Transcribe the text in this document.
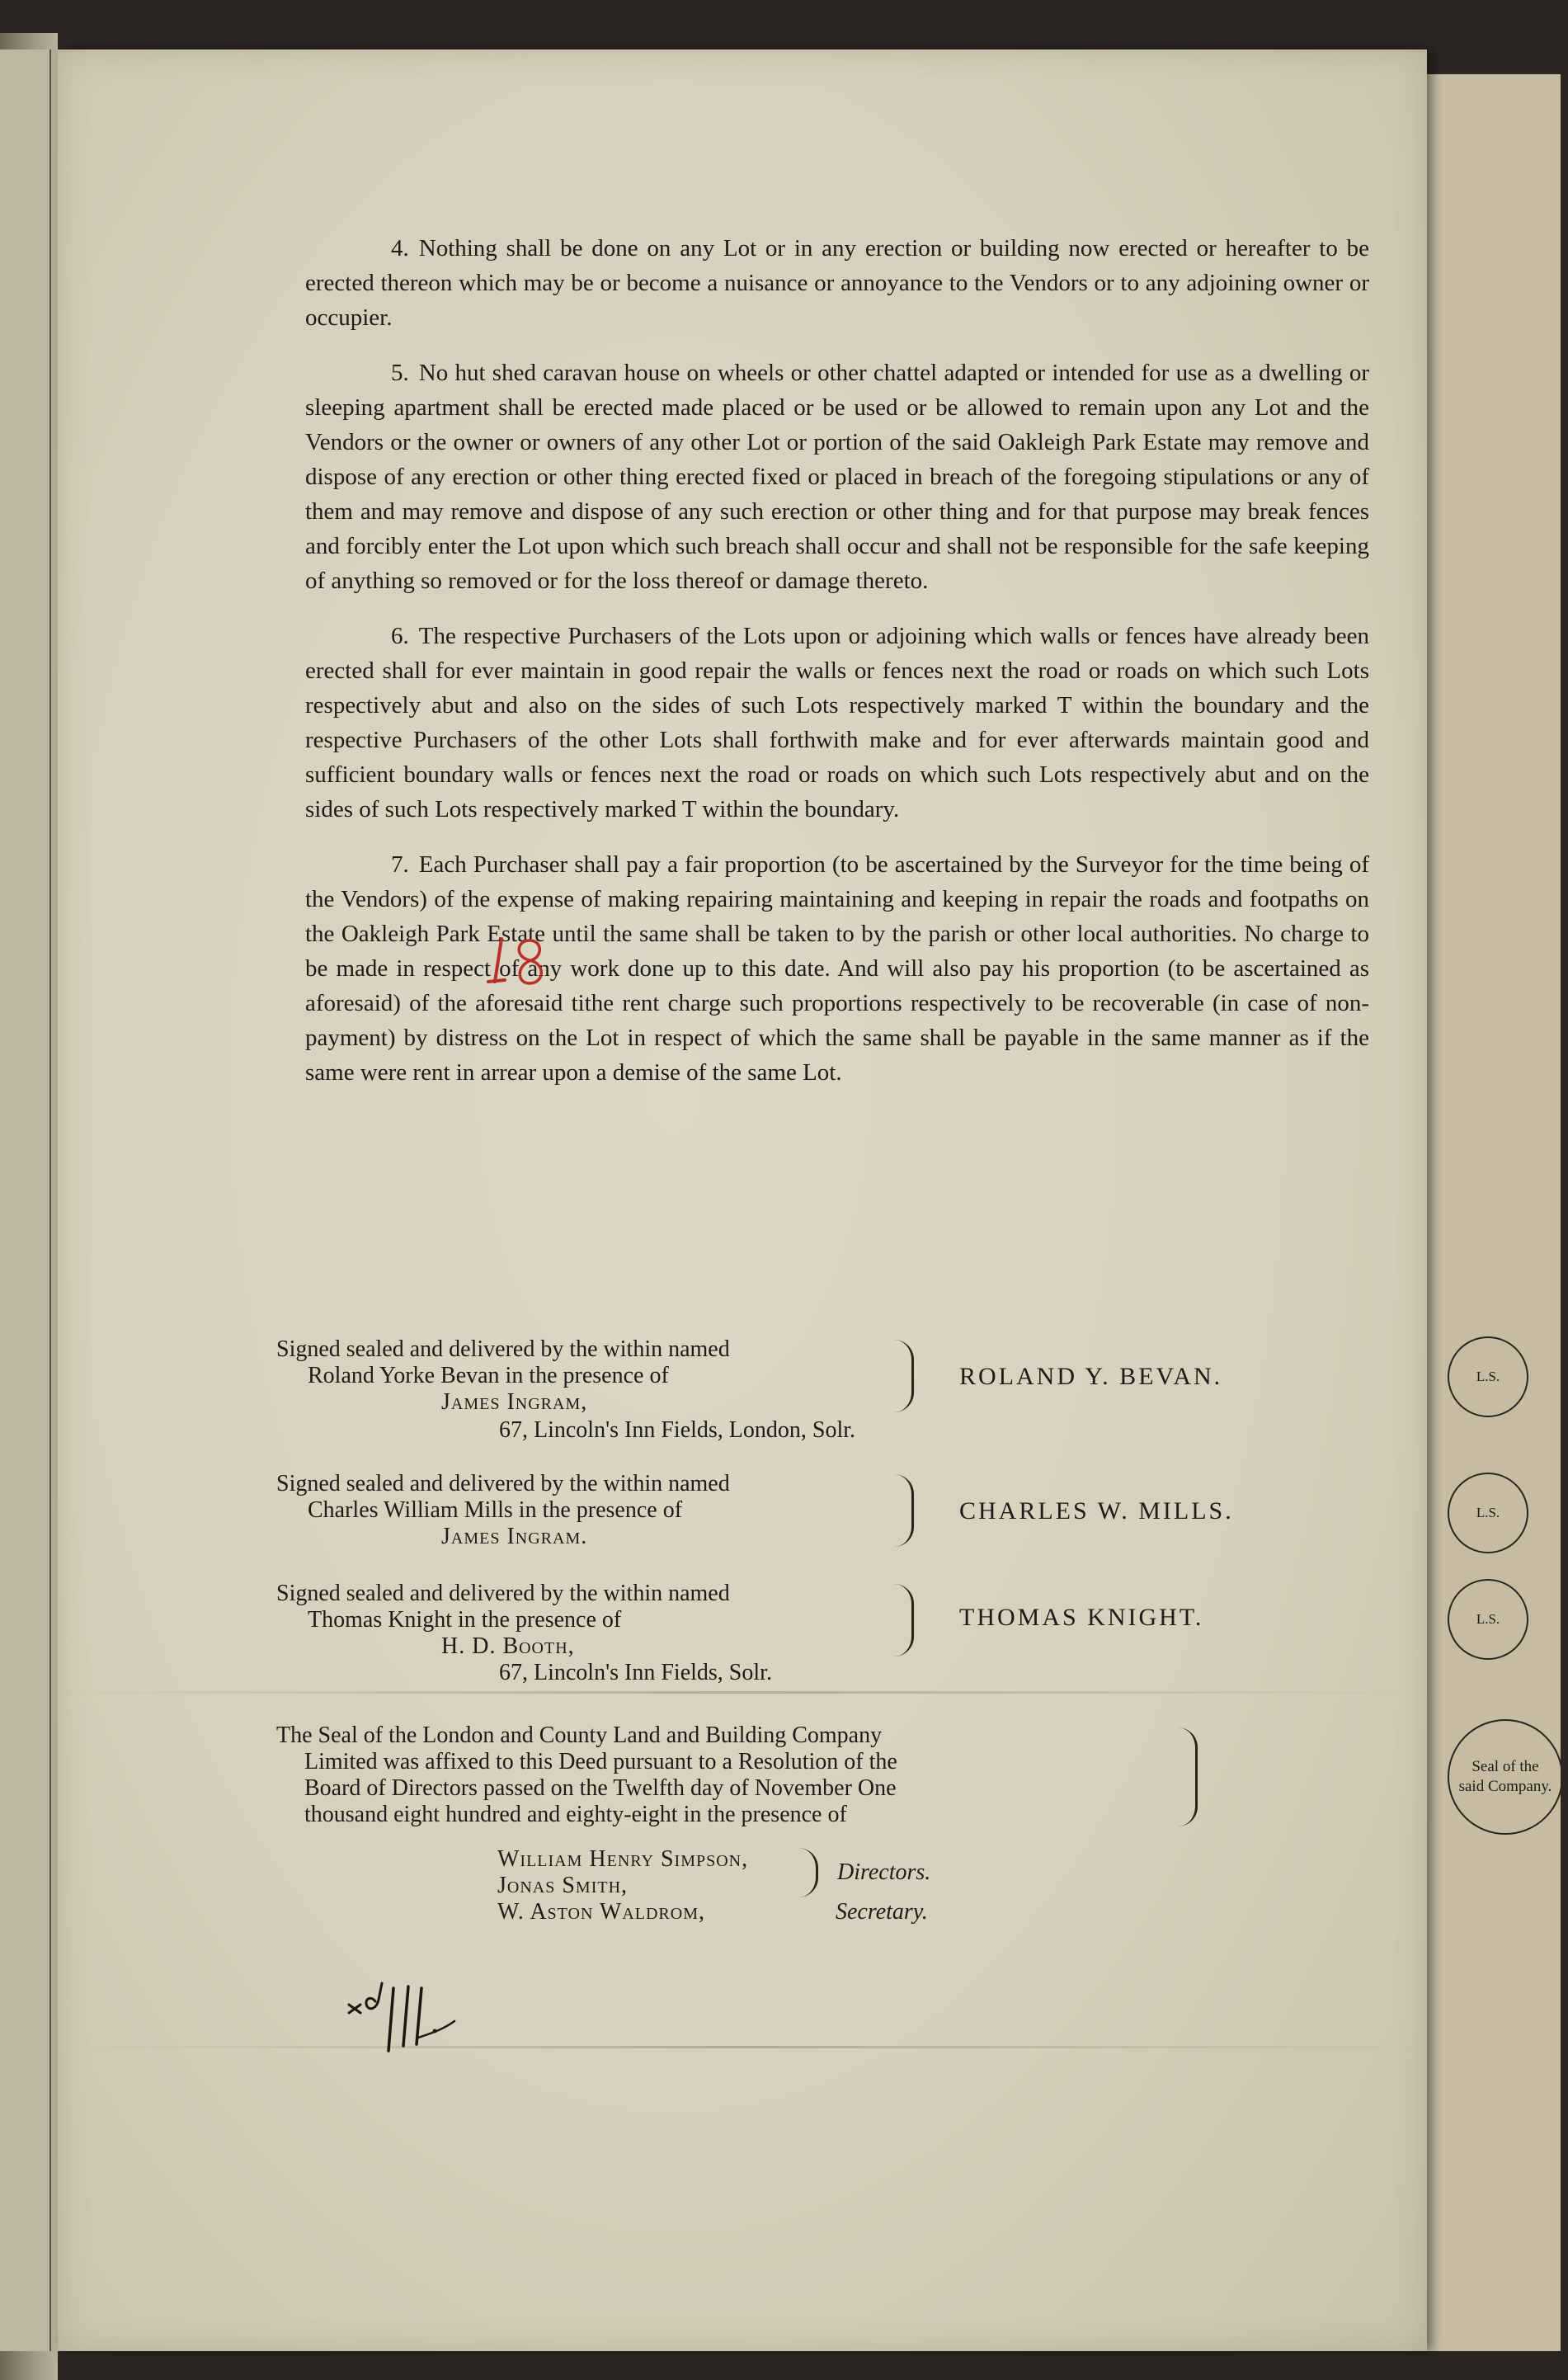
4. Nothing shall be done on any Lot or in any erection or building now erected or hereafter to be erected thereon which may be or become a nuisance or annoyance to the Vendors or to any adjoining owner or occupier.

5. No hut shed caravan house on wheels or other chattel adapted or intended for use as a dwelling or sleeping apartment shall be erected made placed or be used or be allowed to remain upon any Lot and the Vendors or the owner or owners of any other Lot or portion of the said Oakleigh Park Estate may remove and dispose of any erection or other thing erected fixed or placed in breach of the foregoing stipulations or any of them and may remove and dispose of any such erection or other thing and for that purpose may break fences and forcibly enter the Lot upon which such breach shall occur and shall not be responsible for the safe keeping of anything so removed or for the loss thereof or damage thereto.

6. The respective Purchasers of the Lots upon or adjoining which walls or fences have already been erected shall for ever maintain in good repair the walls or fences next the road or roads on which such Lots respectively abut and also on the sides of such Lots respectively marked T within the boundary and the respective Purchasers of the other Lots shall forthwith make and for ever afterwards maintain good and sufficient boundary walls or fences next the road or roads on which such Lots respectively abut and on the sides of such Lots respectively marked T within the boundary.

7. Each Purchaser shall pay a fair proportion (to be ascertained by the Surveyor for the time being of the Vendors) of the expense of making repairing maintaining and keeping in repair the roads and footpaths on the Oakleigh Park Estate until the same shall be taken to by the parish or other local authorities. No charge to be made in respect of any work done up to this date. And will also pay his proportion (to be ascertained as aforesaid) of the aforesaid tithe rent charge such proportions respectively to be recoverable (in case of non-payment) by distress on the Lot in respect of which the same shall be payable in the same manner as if the same were rent in arrear upon a demise of the same Lot.

Signed sealed and delivered by the within named
Roland Yorke Bevan in the presence of
James Ingram,
67, Lincoln's Inn Fields, London, Solr.
ROLAND Y. BEVAN.	L.S.
Signed sealed and delivered by the within named
Charles William Mills in the presence of
James Ingram.
CHARLES W. MILLS.	L.S.
Signed sealed and delivered by the within named
Thomas Knight in the presence of
H. D. Booth,
67, Lincoln's Inn Fields, Solr.
THOMAS KNIGHT.	L.S.
The Seal of the London and County Land and Building Company
Limited was affixed to this Deed pursuant to a Resolution of the
Board of Directors passed on the Twelfth day of November One
thousand eight hundred and eighty-eight in the presence of
Seal of the said Company.
William Henry Simpson,
Jonas Smith,
W. Aston Waldrom,
Directors.
Secretary.
